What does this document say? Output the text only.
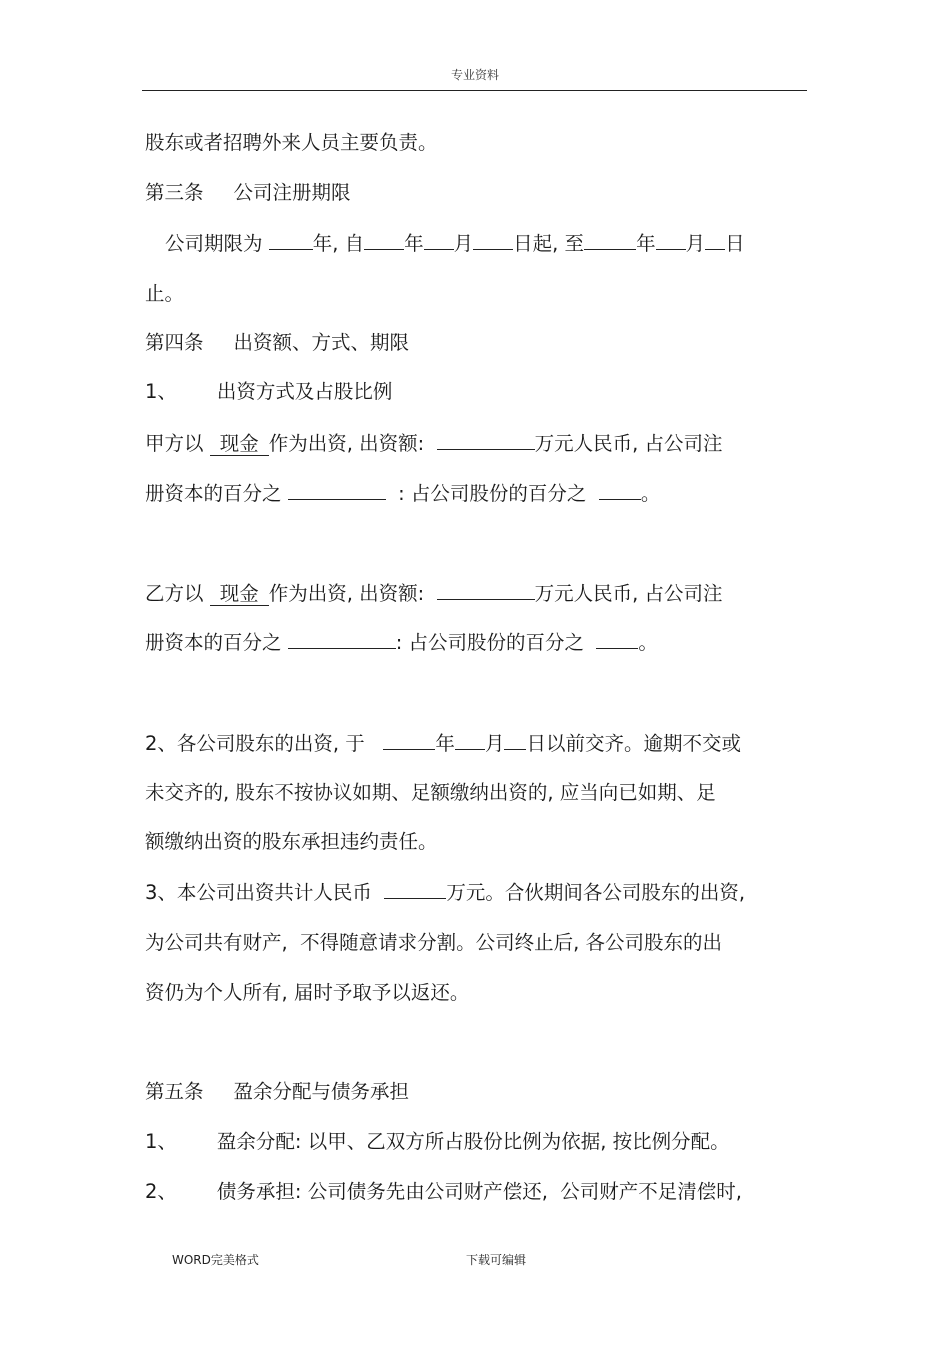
专业资料
股东或者招聘外来人员主要负责。
第三条 公司注册期限
公司期限为	年, 自 年 月 日起, 至	年 月 日
止。
第四条 出资额、方式、期限
1、 出资方式及占股比例
甲方以 现金 作为出资, 出资额:	万元人民币, 占公司注
册资本的百分之	: 占公司股份的百分之	。
乙方以 现金 作为出资, 出资额:	万元人民币, 占公司注
册资本的百分之	: 占公司股份的百分之	。
2、各公司股东的出资, 于	年 月 日以前交齐。逾期不交或
未交齐的, 股东不按协议如期、足额缴纳出资的, 应当向已如期、足
额缴纳出资的股东承担违约责任。
3、本公司出资共计人民币	万元。合伙期间各公司股东的出资,
为公司共有财产,  不得随意请求分割。公司终止后, 各公司股东的出
资仍为个人所有, 届时予取予以返还。
第五条 盈余分配与债务承担
1、 盈余分配: 以甲、乙双方所占股份比例为依据, 按比例分配。
2、 债务承担: 公司债务先由公司财产偿还,  公司财产不足清偿时,
WORD完美格式	下载可编辑
